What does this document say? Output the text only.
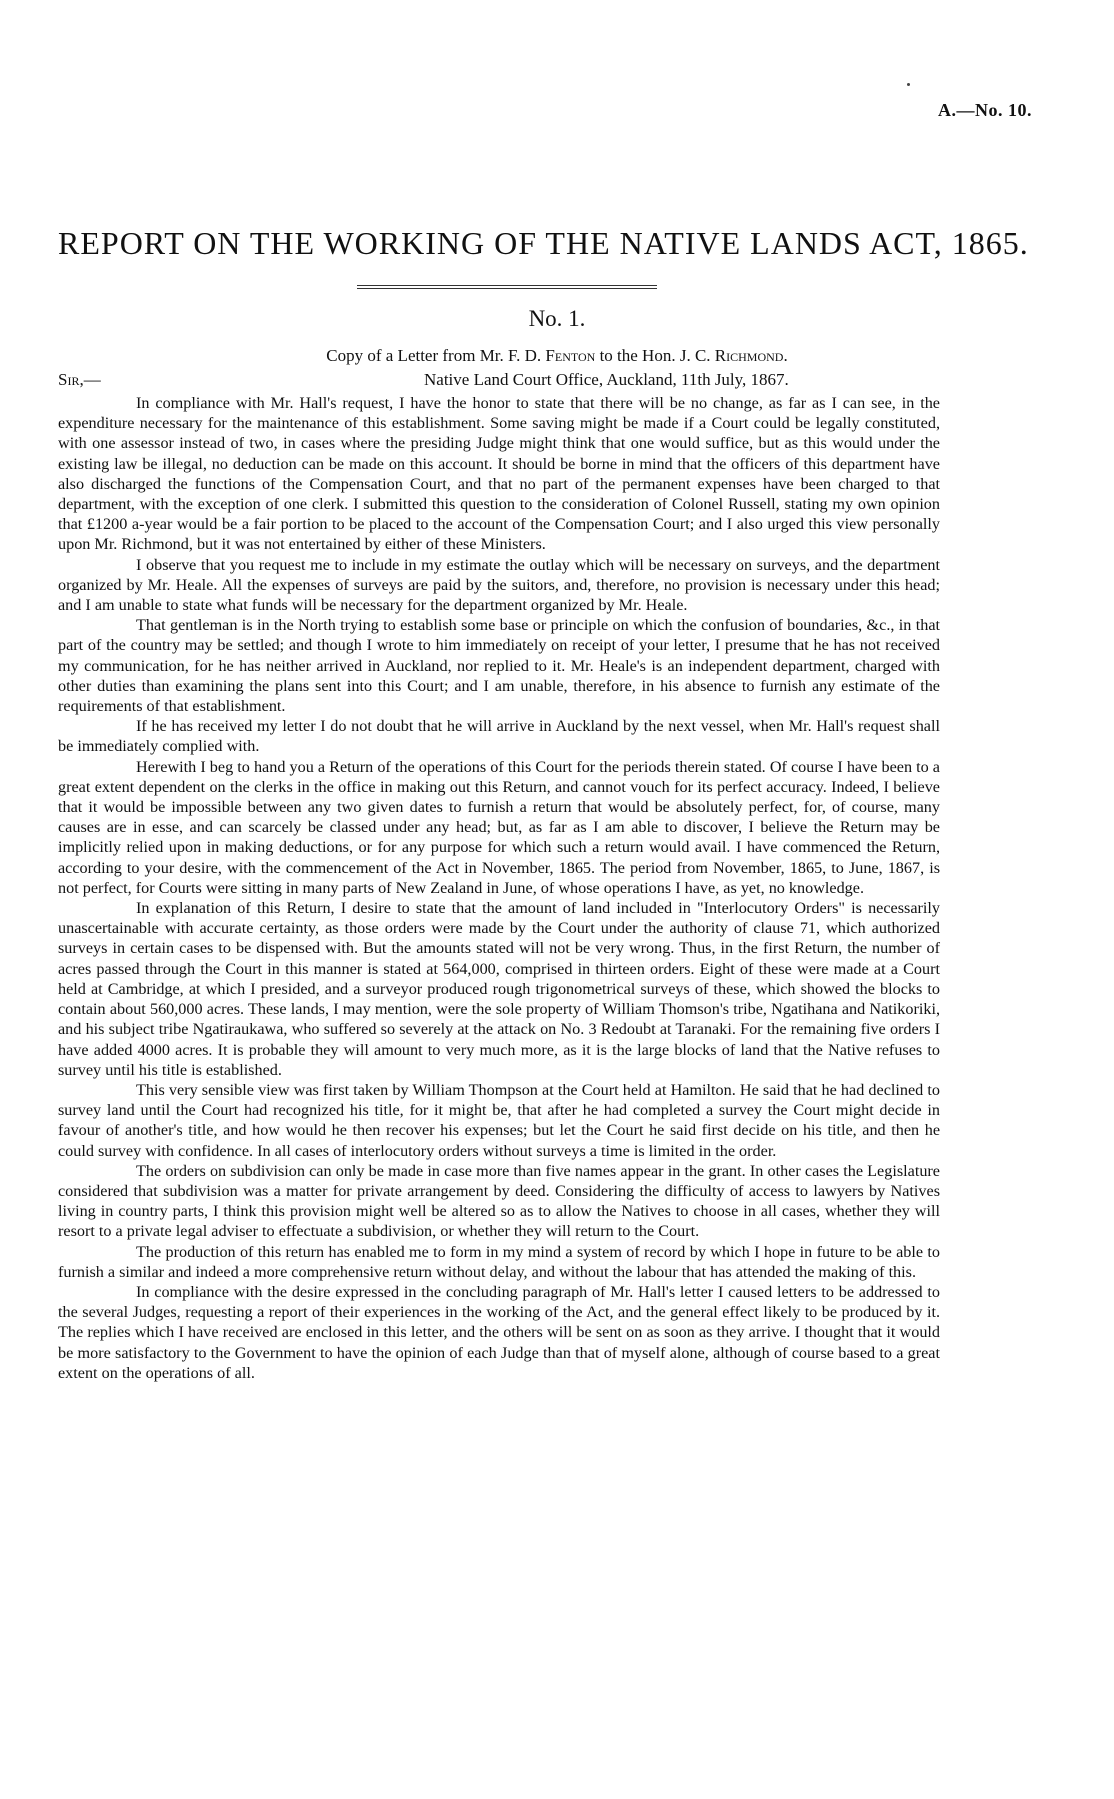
A.—No. 10.
REPORT ON THE WORKING OF THE NATIVE LANDS ACT, 1865.
No. 1.
Copy of a Letter from Mr. F. D. Fenton to the Hon. J. C. Richmond.
Sir,—	Native Land Court Office, Auckland, 11th July, 1867.

In compliance with Mr. Hall's request, I have the honor to state that there will be no change, as far as I can see, in the expenditure necessary for the maintenance of this establishment. Some saving might be made if a Court could be legally constituted, with one assessor instead of two, in cases where the presiding Judge might think that one would suffice, but as this would under the existing law be illegal, no deduction can be made on this account. It should be borne in mind that the officers of this department have also discharged the functions of the Compensation Court, and that no part of the permanent expenses have been charged to that department, with the exception of one clerk. I submitted this question to the consideration of Colonel Russell, stating my own opinion that £1200 a-year would be a fair portion to be placed to the account of the Compensation Court; and I also urged this view personally upon Mr. Richmond, but it was not entertained by either of these Ministers.

I observe that you request me to include in my estimate the outlay which will be necessary on surveys, and the department organized by Mr. Heale. All the expenses of surveys are paid by the suitors, and, therefore, no provision is necessary under this head; and I am unable to state what funds will be necessary for the department organized by Mr. Heale.

That gentleman is in the North trying to establish some base or principle on which the confusion of boundaries, &c., in that part of the country may be settled; and though I wrote to him immediately on receipt of your letter, I presume that he has not received my communication, for he has neither arrived in Auckland, nor replied to it. Mr. Heale's is an independent department, charged with other duties than examining the plans sent into this Court; and I am unable, therefore, in his absence to furnish any estimate of the requirements of that establishment.

If he has received my letter I do not doubt that he will arrive in Auckland by the next vessel, when Mr. Hall's request shall be immediately complied with.

Herewith I beg to hand you a Return of the operations of this Court for the periods therein stated. Of course I have been to a great extent dependent on the clerks in the office in making out this Return, and cannot vouch for its perfect accuracy. Indeed, I believe that it would be impossible between any two given dates to furnish a return that would be absolutely perfect, for, of course, many causes are in esse, and can scarcely be classed under any head; but, as far as I am able to discover, I believe the Return may be implicitly relied upon in making deductions, or for any purpose for which such a return would avail. I have commenced the Return, according to your desire, with the commencement of the Act in November, 1865. The period from November, 1865, to June, 1867, is not perfect, for Courts were sitting in many parts of New Zealand in June, of whose operations I have, as yet, no knowledge.

In explanation of this Return, I desire to state that the amount of land included in "Interlocutory Orders" is necessarily unascertainable with accurate certainty, as those orders were made by the Court under the authority of clause 71, which authorized surveys in certain cases to be dispensed with. But the amounts stated will not be very wrong. Thus, in the first Return, the number of acres passed through the Court in this manner is stated at 564,000, comprised in thirteen orders. Eight of these were made at a Court held at Cambridge, at which I presided, and a surveyor produced rough trigonometrical surveys of these, which showed the blocks to contain about 560,000 acres. These lands, I may mention, were the sole property of William Thomson's tribe, Ngatihana and Natikoriki, and his subject tribe Ngatiraukawa, who suffered so severely at the attack on No. 3 Redoubt at Taranaki. For the remaining five orders I have added 4000 acres. It is probable they will amount to very much more, as it is the large blocks of land that the Native refuses to survey until his title is established.

This very sensible view was first taken by William Thompson at the Court held at Hamilton. He said that he had declined to survey land until the Court had recognized his title, for it might be, that after he had completed a survey the Court might decide in favour of another's title, and how would he then recover his expenses; but let the Court he said first decide on his title, and then he could survey with confidence. In all cases of interlocutory orders without surveys a time is limited in the order.

The orders on subdivision can only be made in case more than five names appear in the grant. In other cases the Legislature considered that subdivision was a matter for private arrangement by deed. Considering the difficulty of access to lawyers by Natives living in country parts, I think this provision might well be altered so as to allow the Natives to choose in all cases, whether they will resort to a private legal adviser to effectuate a subdivision, or whether they will return to the Court.

The production of this return has enabled me to form in my mind a system of record by which I hope in future to be able to furnish a similar and indeed a more comprehensive return without delay, and without the labour that has attended the making of this.

In compliance with the desire expressed in the concluding paragraph of Mr. Hall's letter I caused letters to be addressed to the several Judges, requesting a report of their experiences in the working of the Act, and the general effect likely to be produced by it. The replies which I have received are enclosed in this letter, and the others will be sent on as soon as they arrive. I thought that it would be more satisfactory to the Government to have the opinion of each Judge than that of myself alone, although of course based to a great extent on the operations of all.
